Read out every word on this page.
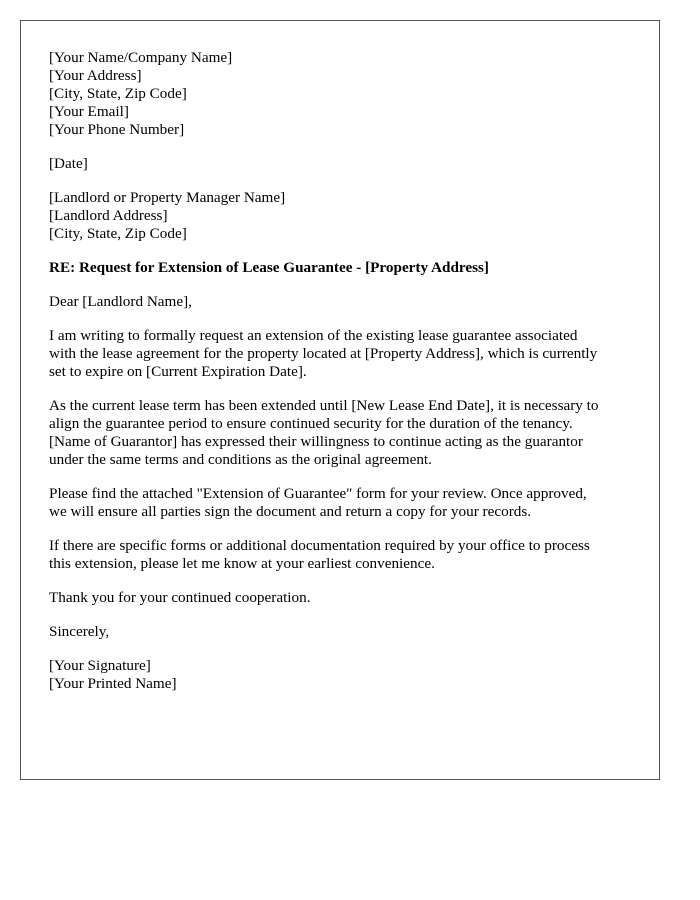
[Your Name/Company Name]
[Your Address]
[City, State, Zip Code]
[Your Email]
[Your Phone Number]
[Date]
[Landlord or Property Manager Name]
[Landlord Address]
[City, State, Zip Code]
RE: Request for Extension of Lease Guarantee - [Property Address]
Dear [Landlord Name],
I am writing to formally request an extension of the existing lease guarantee associated
with the lease agreement for the property located at [Property Address], which is currently
set to expire on [Current Expiration Date].
As the current lease term has been extended until [New Lease End Date], it is necessary to
align the guarantee period to ensure continued security for the duration of the tenancy.
[Name of Guarantor] has expressed their willingness to continue acting as the guarantor
under the same terms and conditions as the original agreement.
Please find the attached "Extension of Guarantee" form for your review. Once approved,
we will ensure all parties sign the document and return a copy for your records.
If there are specific forms or additional documentation required by your office to process
this extension, please let me know at your earliest convenience.
Thank you for your continued cooperation.
Sincerely,
[Your Signature]
[Your Printed Name]
